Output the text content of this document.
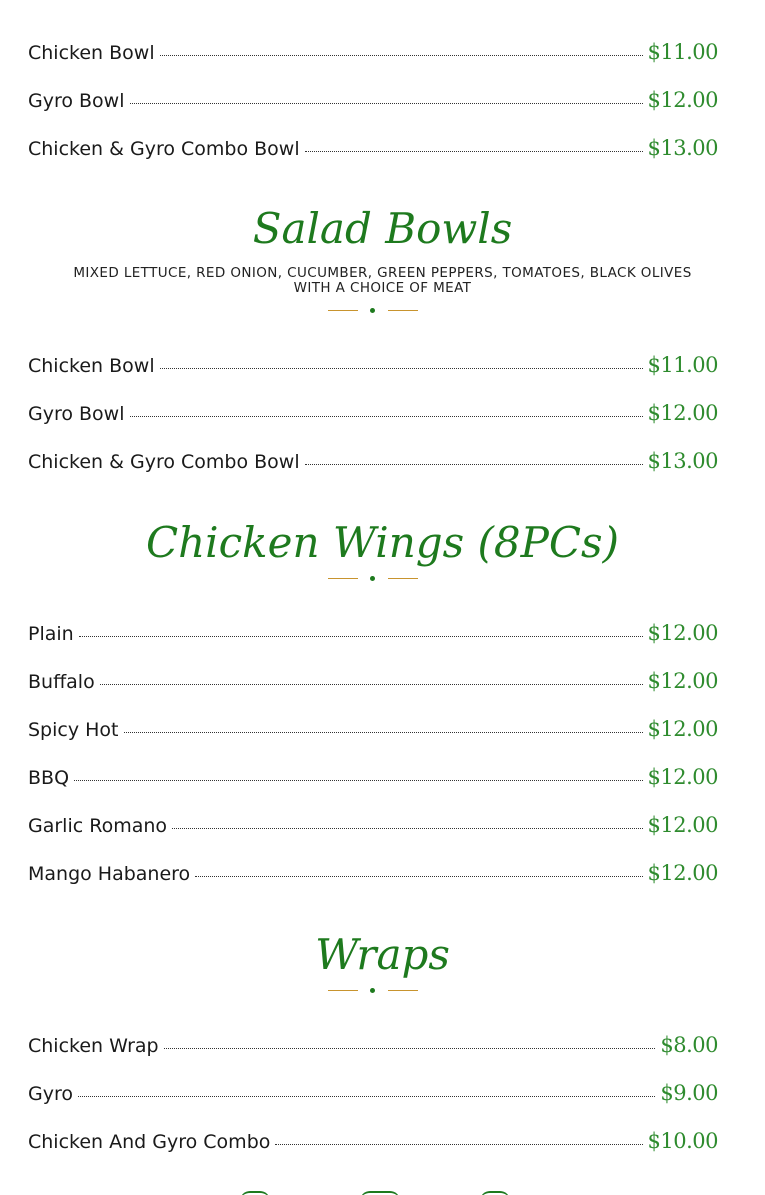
Chicken Bowl	$11.00
Gyro Bowl	$12.00
Chicken & Gyro Combo Bowl	$13.00
Salad Bowls
MIXED LETTUCE, RED ONION, CUCUMBER, GREEN PEPPERS, TOMATOES, BLACK OLIVES
WITH A CHOICE OF MEAT
Chicken Bowl	$11.00
Gyro Bowl	$12.00
Chicken & Gyro Combo Bowl	$13.00
Chicken Wings (8PCs)
Plain	$12.00
Buffalo	$12.00
Spicy Hot	$12.00
BBQ	$12.00
Garlic Romano	$12.00
Mango Habanero	$12.00
Wraps
Chicken Wrap	$8.00
Gyro	$9.00
Chicken And Gyro Combo	$10.00
